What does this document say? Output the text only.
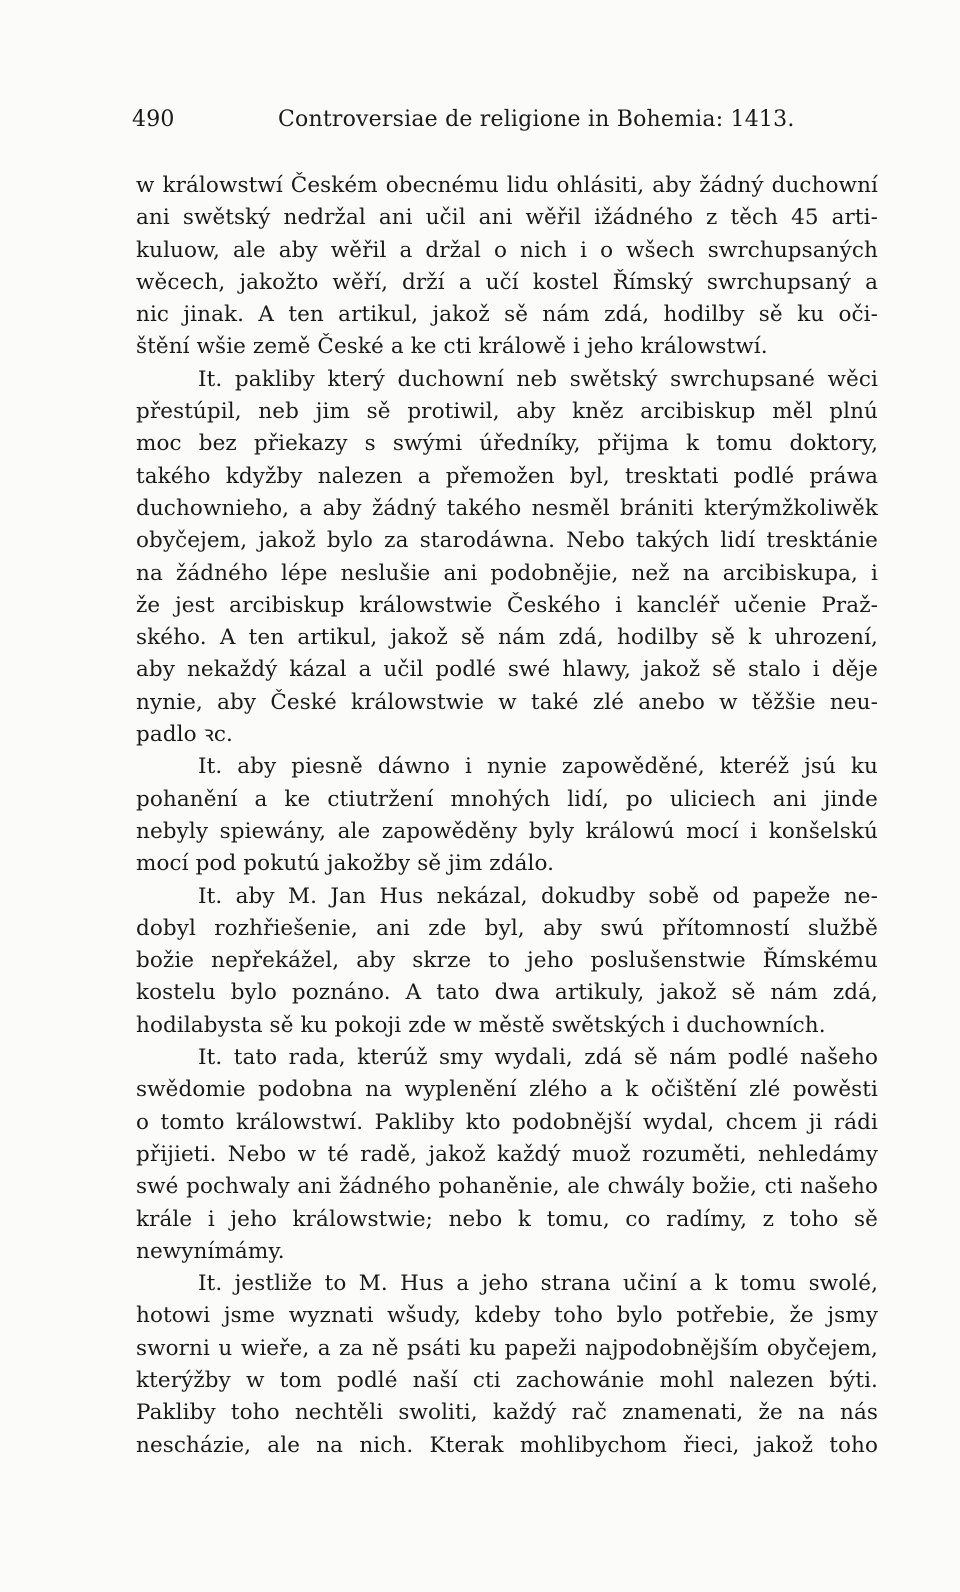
490	Controversiae de religione in Bohemia: 1413.
w králowstwí Českém obecnému lidu ohlásiti, aby žádný duchowní
ani swětský nedržal ani učil ani wěřil ižádného z těch 45 arti-
kuluow, ale aby wěřil a držal o nich i o wšech swrchupsaných
wěcech, jakožto wěří, drží a učí kostel Římský swrchupsaný a
nic jinak. A ten artikul, jakož sě nám zdá, hodilby sě ku oči-
štění wšie země České a ke cti králowě i jeho králowstwí.
It. pakliby který duchowní neb swětský swrchupsané wěci
přestúpil, neb jim sě protiwil, aby kněz arcibiskup měl plnú
moc bez přiekazy s swými úředníky, přijma k tomu doktory,
takého kdyžby nalezen a přemožen byl, tresktati podlé práwa
duchownieho, a aby žádný takého nesměl brániti kterýmžkoliwěk
obyčejem, jakož bylo za starodáwna. Nebo takých lidí tresktánie
na žádného lépe neslušie ani podobnějie, než na arcibiskupa, i
že jest arcibiskup králowstwie Českého i kancléř učenie Praž-
ského. A ten artikul, jakož sě nám zdá, hodilby sě k uhrození,
aby nekaždý kázal a učil podlé swé hlawy, jakož sě stalo i děje
nynie, aby České králowstwie w také zlé anebo w těžšie neu-
padlo ꝛc.
It. aby piesně dáwno i nynie zapowěděné, kteréž jsú ku
pohanění a ke ctiutržení mnohých lidí, po uliciech ani jinde
nebyly spiewány, ale zapowěděny byly králowú mocí i konšelskú
mocí pod pokutú jakožby sě jim zdálo.
It. aby M. Jan Hus nekázal, dokudby sobě od papeže ne-
dobyl rozhřiešenie, ani zde byl, aby swú přítomností službě
božie nepřekážel, aby skrze to jeho poslušenstwie Římskému
kostelu bylo poznáno. A tato dwa artikuly, jakož sě nám zdá,
hodilabysta sě ku pokoji zde w městě swětských i duchowních.
It. tato rada, kterúž smy wydali, zdá sě nám podlé našeho
swědomie podobna na wyplenění zlého a k očištění zlé powěsti
o tomto králowstwí. Pakliby kto podobnější wydal, chcem ji rádi
přijieti. Nebo w té radě, jakož každý muož rozuměti, nehledámy
swé pochwaly ani žádného pohaněnie, ale chwály božie, cti našeho
krále i jeho králowstwie; nebo k tomu, co radímy, z toho sě
newynímámy.
It. jestliže to M. Hus a jeho strana učiní a k tomu swolé,
hotowi jsme wyznati wšudy, kdeby toho bylo potřebie, že jsmy
sworni u wieře, a za ně psáti ku papeži najpodobnějším obyčejem,
kterýžby w tom podlé naší cti zachowánie mohl nalezen býti.
Pakliby toho nechtěli swoliti, každý rač znamenati, že na nás
nescházie, ale na nich. Kterak mohlibychom řieci, jakož toho
